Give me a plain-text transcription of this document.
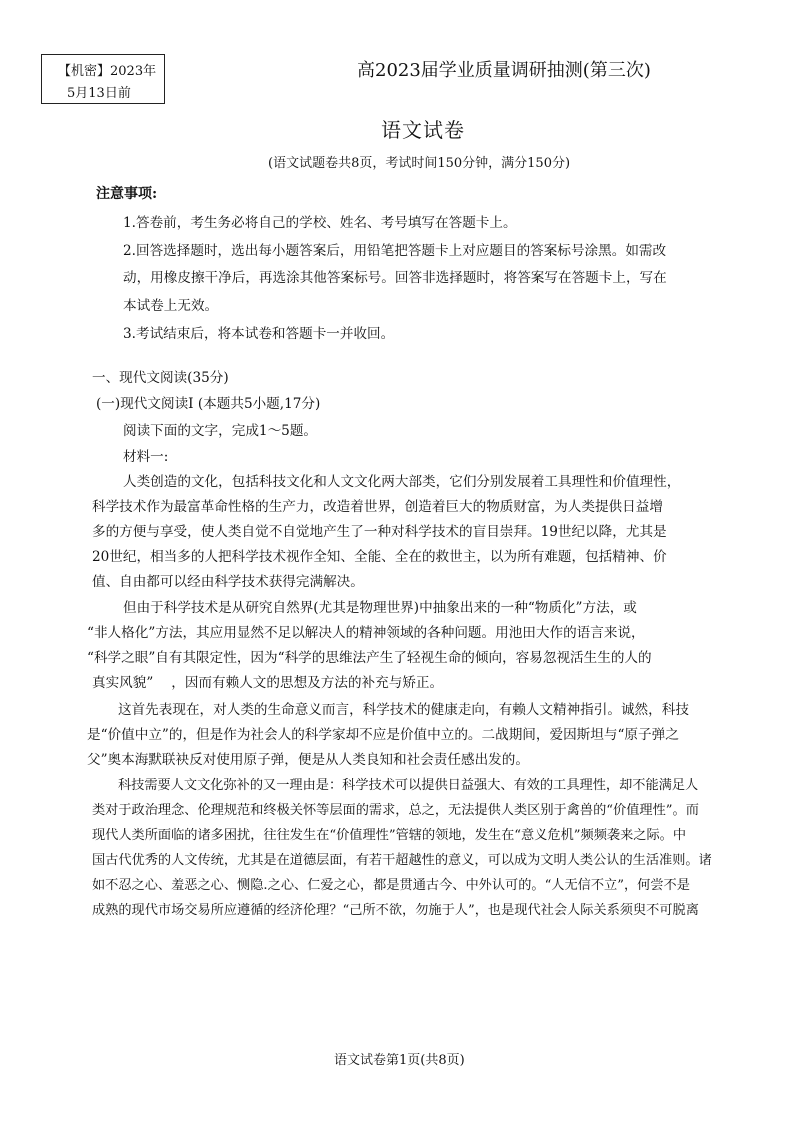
【机密】2023年
5月13日前
高2023届学业质量调研抽测(第三次)
语文试卷
(语文试题卷共8页，考试时间150分钟，满分150分)
注意事项:
1.答卷前，考生务必将自己的学校、姓名、考号填写在答题卡上。
2.回答选择题时，选出每小题答案后，用铅笔把答题卡上对应题目的答案标号涂黑。如需改
动，用橡皮擦干净后，再选涂其他答案标号。回答非选择题时，将答案写在答题卡上，写在
本试卷上无效。
3.考试结束后，将本试卷和答题卡一并收回。
一、现代文阅读(35分)
(一)现代文阅读Ⅰ (本题共5小题,17分)
阅读下面的文字，完成1～5题。
材料一:
人类创造的文化，包括科技文化和人文文化两大部类，它们分别发展着工具理性和价值理性，
科学技术作为最富革命性格的生产力，改造着世界，创造着巨大的物质财富，为人类提供日益增
多的方便与享受，使人类自觉不自觉地产生了一种对科学技术的盲目崇拜。19世纪以降，尤其是
20世纪，相当多的人把科学技术视作全知、全能、全在的救世主，以为所有难题，包括精神、价
值、自由都可以经由科学技术获得完满解决。
但由于科学技术是从研究自然界(尤其是物理世界)中抽象出来的一种“物质化”方法，或
“非人格化”方法，其应用显然不足以解决人的精神领域的各种问题。用池田大作的语言来说，
“科学之眼”自有其限定性，因为“科学的思维法产生了轻视生命的倾向，容易忽视活生生的人的
真实风貌”　 ，因而有赖人文的思想及方法的补充与矫正。
这首先表现在，对人类的生命意义而言，科学技术的健康走向，有赖人文精神指引。诚然，科技
是“价值中立”的，但是作为社会人的科学家却不应是价值中立的。二战期间，爱因斯坦与“原子弹之
父”奥本海默联袂反对使用原子弹，便是从人类良知和社会责任感出发的。
科技需要人文文化弥补的又一理由是：科学技术可以提供日益强大、有效的工具理性，却不能满足人
类对于政治理念、伦理规范和终极关怀等层面的需求，总之，无法提供人类区别于禽兽的“价值理性”。而
现代人类所面临的诸多困扰，往往发生在“价值理性”管辖的领地，发生在“意义危机”频频袭来之际。中
国古代优秀的人文传统，尤其是在道德层面，有若干超越性的意义，可以成为文明人类公认的生活准则。诸
如不忍之心、羞恶之心、恻隐.之心、仁爱之心，都是贯通古今、中外认可的。“人无信不立”，何尝不是
成熟的现代市场交易所应遵循的经济伦理？“己所不欲，勿施于人”，也是现代社会人际关系须臾不可脱离
语文试卷第1页(共8页)
